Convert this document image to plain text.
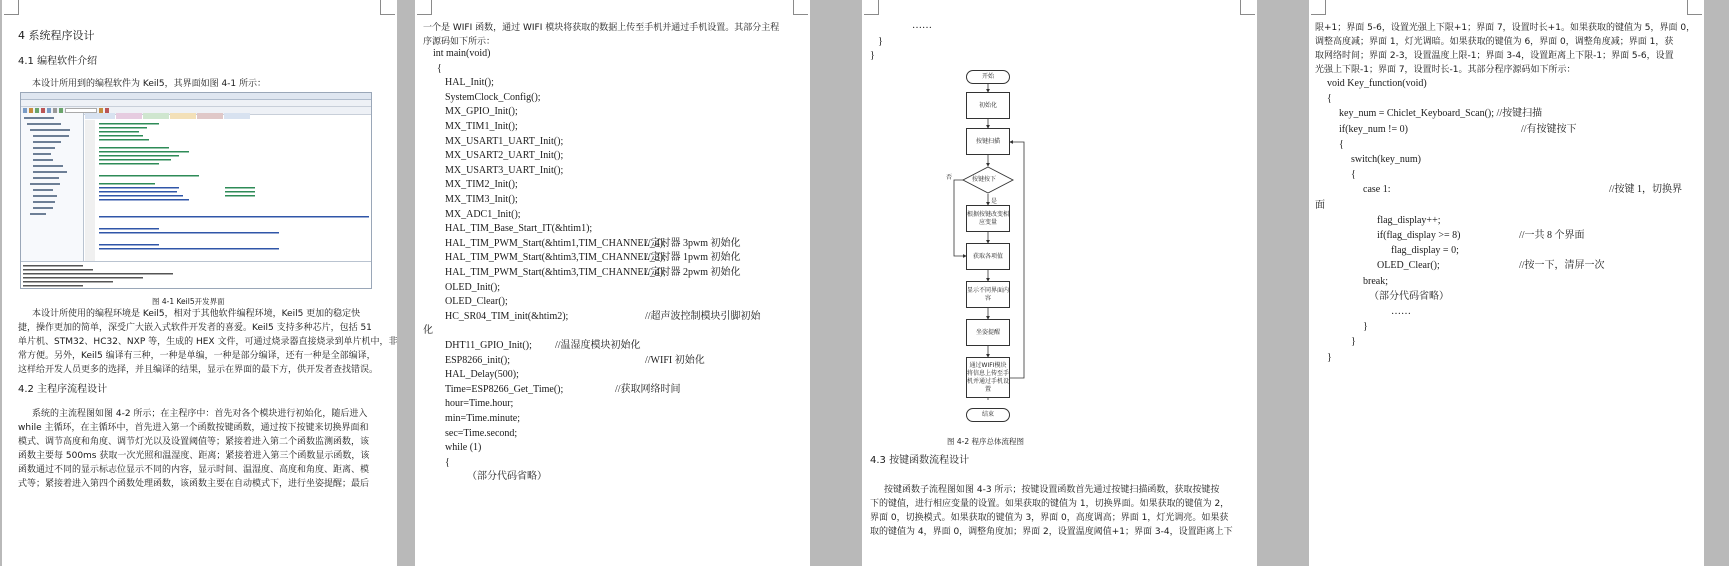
4 系统程序设计
4.1 编程软件介绍
本设计所用到的编程软件为 Keil5，其界面如图 4-1 所示：
图 4-1 Keil5开发界面
本设计所使用的编程环境是 Keil5，相对于其他软件编程环境，Keil5 更加的稳定快
捷，操作更加的简单，深受广大嵌入式软件开发者的喜爱。Keil5 支持多种芯片，包括 51
单片机、STM32、HC32、NXP 等，生成的 HEX 文件，可通过烧录器直接烧录到单片机中，非
常方便。另外，Keil5 编译有三种，一种是单编，一种是部分编译，还有一种是全部编译，
这样给开发人员更多的选择，并且编译的结果，显示在界面的最下方，供开发者查找错误。
4.2 主程序流程设计
系统的主流程图如图 4-2 所示；在主程序中：首先对各个模块进行初始化，随后进入
while 主循环，在主循环中，首先进入第一个函数按键函数，通过按下按键来切换界面和
模式、调节高度和角度、调节灯光以及设置阈值等；紧接着进入第二个函数监测函数，该
函数主要每 500ms 获取一次光照和温湿度、距离；紧接着进入第三个函数显示函数，该
函数通过不同的显示标志位显示不同的内容，显示时间、温湿度、高度和角度、距离、模
式等；紧接着进入第四个函数处理函数，该函数主要在自动模式下，进行坐姿提醒；最后
一个是 WIFI 函数，通过 WIFI 模块将获取的数据上传至手机并通过手机设置。其部分主程
序源码如下所示：
int main(void)
{
HAL_Init();
SystemClock_Config();
MX_GPIO_Init();
MX_TIM1_Init();
MX_USART1_UART_Init();
MX_USART2_UART_Init();
MX_USART3_UART_Init();
MX_TIM2_Init();
MX_TIM3_Init();
MX_ADC1_Init();
HAL_TIM_Base_Start_IT(&htim1);
HAL_TIM_PWM_Start(&htim1,TIM_CHANNEL_4);
//定时器 3pwm 初始化
HAL_TIM_PWM_Start(&htim3,TIM_CHANNEL_3);
//定时器 1pwm 初始化
HAL_TIM_PWM_Start(&htim3,TIM_CHANNEL_4);
//定时器 2pwm 初始化
OLED_Init();
OLED_Clear();
HC_SR04_TIM_init(&htim2);	//超声波控制模块引脚初始
化
DHT11_GPIO_Init(); //温湿度模块初始化
ESP8266_init();	//WIFI 初始化
HAL_Delay(500);
Time=ESP8266_Get_Time();	//获取网络时间
hour=Time.hour;
min=Time.minute;
sec=Time.second;
while (1)
{
（部分代码省略）
……
}
}
开始
初始化
按键扫描
按键按下
是
否
根据按键改变相应变量
获取各项值
显示不同界面内容
坐姿提醒
通过WIFI模块将信息上传至手机并通过手机设置
结束
图 4-2 程序总体流程图
4.3 按键函数流程设计
按键函数子流程图如图 4-3 所示；按键设置函数首先通过按键扫描函数，获取按键按
下的键值，进行相应变量的设置。如果获取的键值为 1，切换界面。如果获取的键值为 2，
界面 0，切换模式。如果获取的键值为 3，界面 0，高度调高；界面 1，灯光调亮。如果获
取的键值为 4，界面 0，调整角度加；界面 2，设置温度阈值+1；界面 3-4，设置距离上下
限+1；界面 5-6，设置光强上下限+1；界面 7，设置时长+1。如果获取的键值为 5，界面 0，
调整高度减；界面 1，灯光调暗。如果获取的键值为 6，界面 0，调整角度减；界面 1，获
取网络时间；界面 2-3，设置温度上限-1；界面 3-4，设置距离上下限-1；界面 5-6，设置
光强上下限-1；界面 7，设置时长-1。其部分程序源码如下所示：
void Key_function(void)
{
key_num = Chiclet_Keyboard_Scan(); //按键扫描
if(key_num != 0)	//有按键按下
{
switch(key_num)
{
case 1:	//按键 1，切换界
面
flag_display++;
if(flag_display >= 8)	//一共 8 个界面
flag_display = 0;
OLED_Clear();	//按一下，清屏一次
break;
（部分代码省略）
……
}
}
}
